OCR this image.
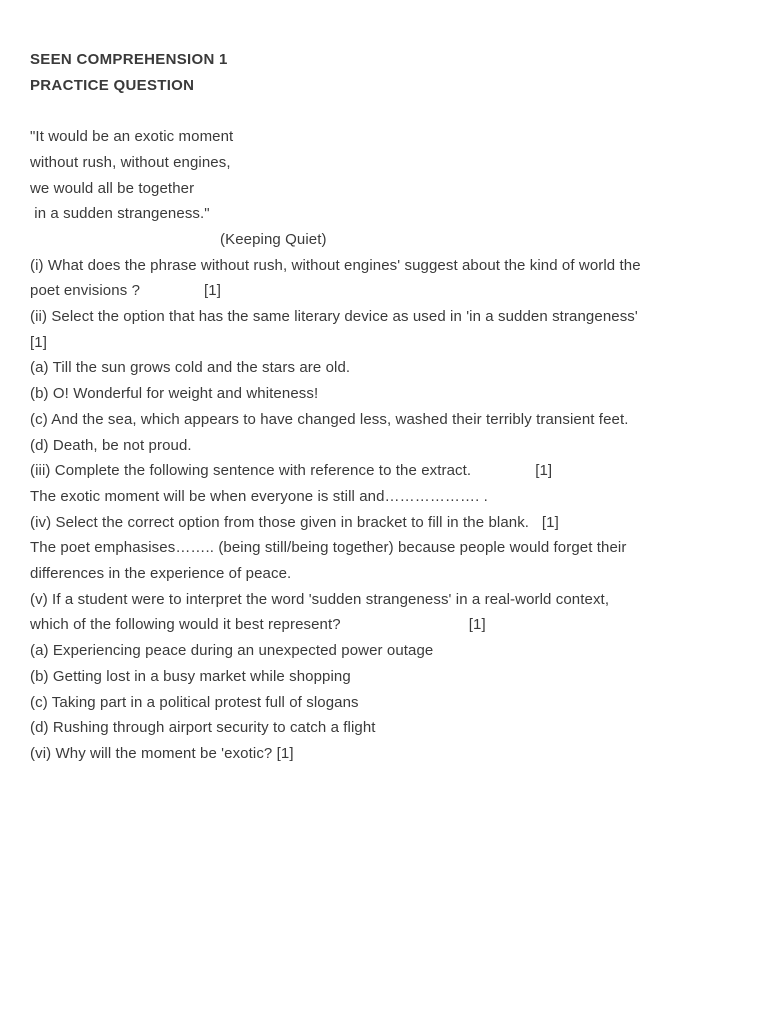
SEEN COMPREHENSION 1
PRACTICE QUESTION
"It would be an exotic moment
without rush, without engines,
we would all be together
in a sudden strangeness."
(Keeping Quiet)
(i) What does the phrase without rush, without engines' suggest about the kind of world the
poet envisions ?               [1]
(ii) Select the option that has the same literary device as used in 'in a sudden strangeness'
[1]
(a) Till the sun grows cold and the stars are old.
(b) O! Wonderful for weight and whiteness!
(c) And the sea, which appears to have changed less, washed their terribly transient feet.
(d) Death, be not proud.
(iii) Complete the following sentence with reference to the extract.               [1]
The exotic moment will be when everyone is still and………………. .
(iv) Select the correct option from those given in bracket to fill in the blank.   [1]
The poet emphasises…….. (being still/being together) because people would forget their
differences in the experience of peace.
(v) If a student were to interpret the word 'sudden strangeness' in a real-world context,
which of the following would it best represent?                              [1]
(a) Experiencing peace during an unexpected power outage
(b) Getting lost in a busy market while shopping
(c) Taking part in a political protest full of slogans
(d) Rushing through airport security to catch a flight
(vi) Why will the moment be 'exotic? [1]
